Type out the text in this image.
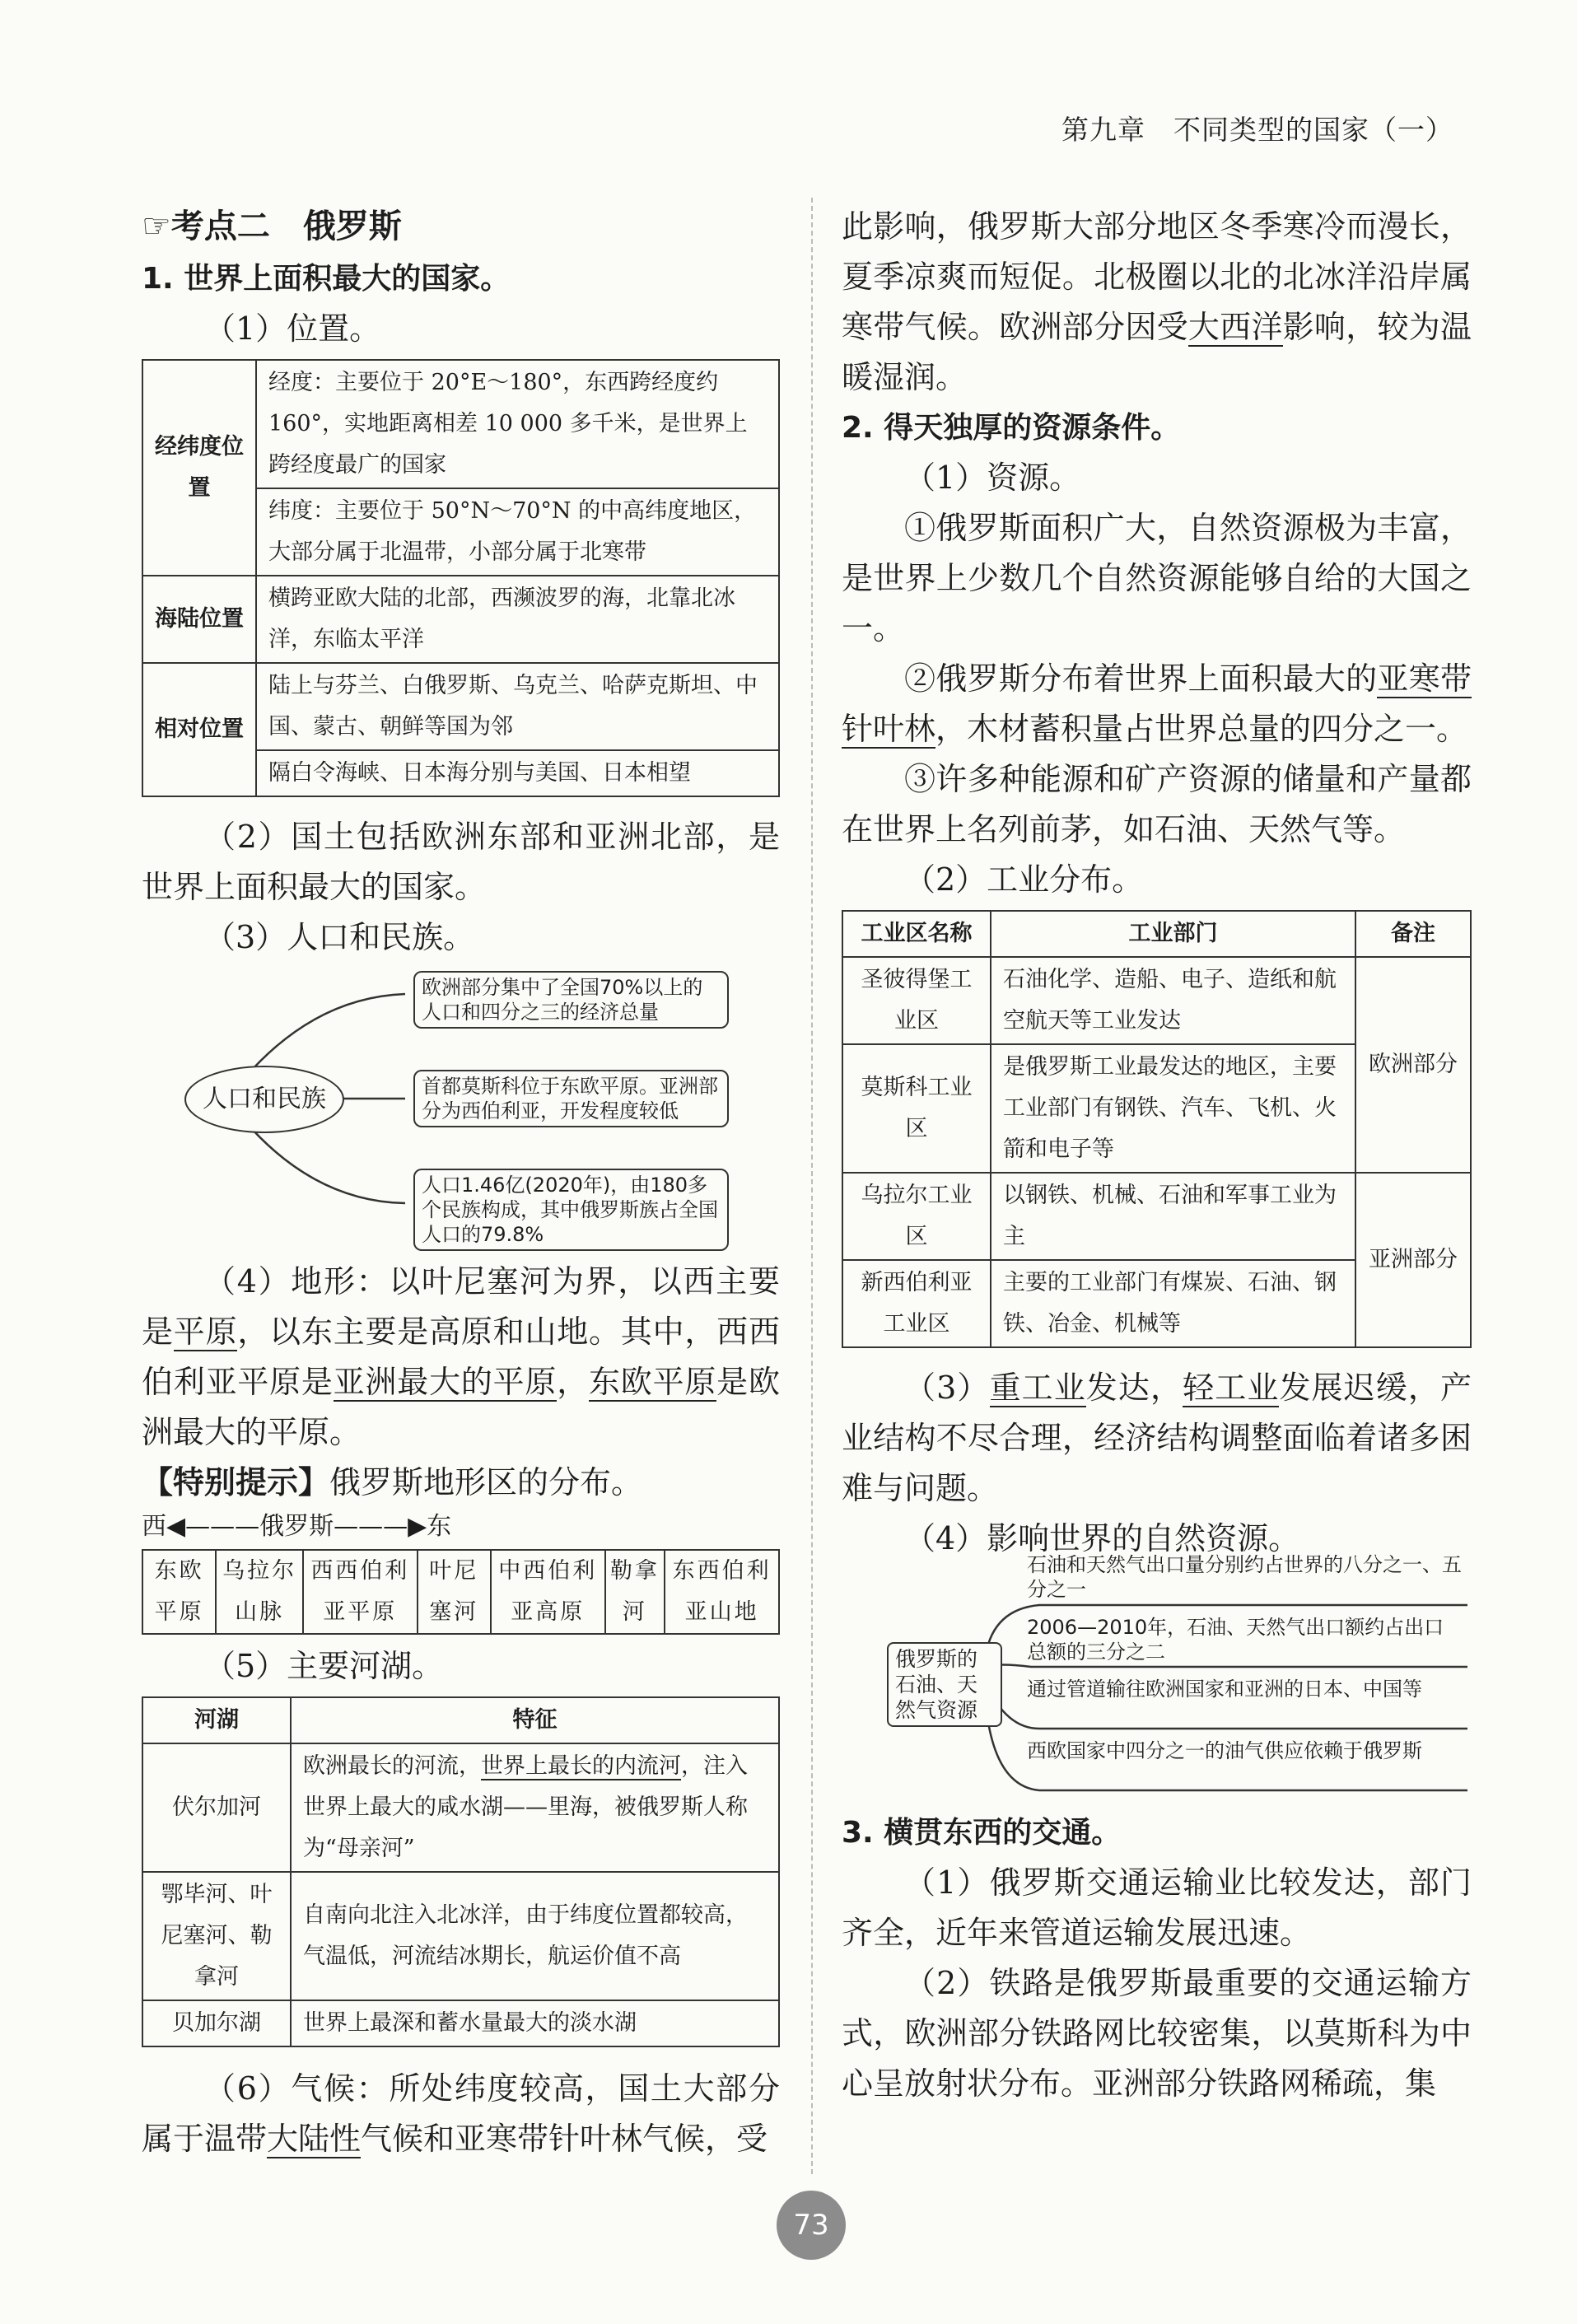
第九章　不同类型的国家（一）

☞考点二　俄罗斯

1. 世界上面积最大的国家。

（1）位置。

经纬度位置	经度：主要位于 20°E～180°，东西跨经度约 160°，实地距离相差 10 000 多千米，是世界上跨经度最广的国家
	纬度：主要位于 50°N～70°N 的中高纬度地区，大部分属于北温带，小部分属于北寒带
海陆位置	横跨亚欧大陆的北部，西濒波罗的海，北靠北冰洋，东临太平洋
相对位置	陆上与芬兰、白俄罗斯、乌克兰、哈萨克斯坦、中国、蒙古、朝鲜等国为邻
	隔白令海峡、日本海分别与美国、日本相望

（2）国土包括欧洲东部和亚洲北部，是世界上面积最大的国家。

（3）人口和民族。

人口和民族
欧洲部分集中了全国70%以上的人口和四分之三的经济总量
首都莫斯科位于东欧平原。亚洲部分为西伯利亚，开发程度较低
人口1.46亿(2020年)，由180多个民族构成，其中俄罗斯族占全国人口的79.8%

（4）地形：以叶尼塞河为界，以西主要是平原，以东主要是高原和山地。其中，西西伯利亚平原是亚洲最大的平原，东欧平原是欧洲最大的平原。

【特别提示】俄罗斯地形区的分布。

西◀———俄罗斯———▶东

东欧平原	乌拉尔山脉	西西伯利亚平原	叶尼塞河	中西伯利亚高原	勒拿河	东西伯利亚山地

（5）主要河湖。

河湖	特征
伏尔加河	欧洲最长的河流，世界上最长的内流河，注入世界上最大的咸水湖——里海，被俄罗斯人称为“母亲河”
鄂毕河、叶尼塞河、勒拿河	自南向北注入北冰洋，由于纬度位置都较高，气温低，河流结冰期长，航运价值不高
贝加尔湖	世界上最深和蓄水量最大的淡水湖

（6）气候：所处纬度较高，国土大部分属于温带大陆性气候和亚寒带针叶林气候，受

此影响，俄罗斯大部分地区冬季寒冷而漫长，夏季凉爽而短促。北极圈以北的北冰洋沿岸属寒带气候。欧洲部分因受大西洋影响，较为温暖湿润。

2. 得天独厚的资源条件。

（1）资源。

①俄罗斯面积广大，自然资源极为丰富，是世界上少数几个自然资源能够自给的大国之一。

②俄罗斯分布着世界上面积最大的亚寒带针叶林，木材蓄积量占世界总量的四分之一。

③许多种能源和矿产资源的储量和产量都在世界上名列前茅，如石油、天然气等。

（2）工业分布。

工业区名称	工业部门	备注
圣彼得堡工业区	石油化学、造船、电子、造纸和航空航天等工业发达	欧洲部分
莫斯科工业区	是俄罗斯工业最发达的地区，主要工业部门有钢铁、汽车、飞机、火箭和电子等	
乌拉尔工业区	以钢铁、机械、石油和军事工业为主	亚洲部分
新西伯利亚工业区	主要的工业部门有煤炭、石油、钢铁、冶金、机械等	

（3）重工业发达，轻工业发展迟缓，产业结构不尽合理，经济结构调整面临着诸多困难与问题。

（4）影响世界的自然资源。

俄罗斯的石油、天然气资源
石油和天然气出口量分别约占世界的八分之一、五分之一
2006—2010年，石油、天然气出口额约占出口总额的三分之二
通过管道输往欧洲国家和亚洲的日本、中国等
西欧国家中四分之一的油气供应依赖于俄罗斯

3. 横贯东西的交通。

（1）俄罗斯交通运输业比较发达，部门齐全，近年来管道运输发展迅速。

（2）铁路是俄罗斯最重要的交通运输方式，欧洲部分铁路网比较密集，以莫斯科为中心呈放射状分布。亚洲部分铁路网稀疏，集

73
